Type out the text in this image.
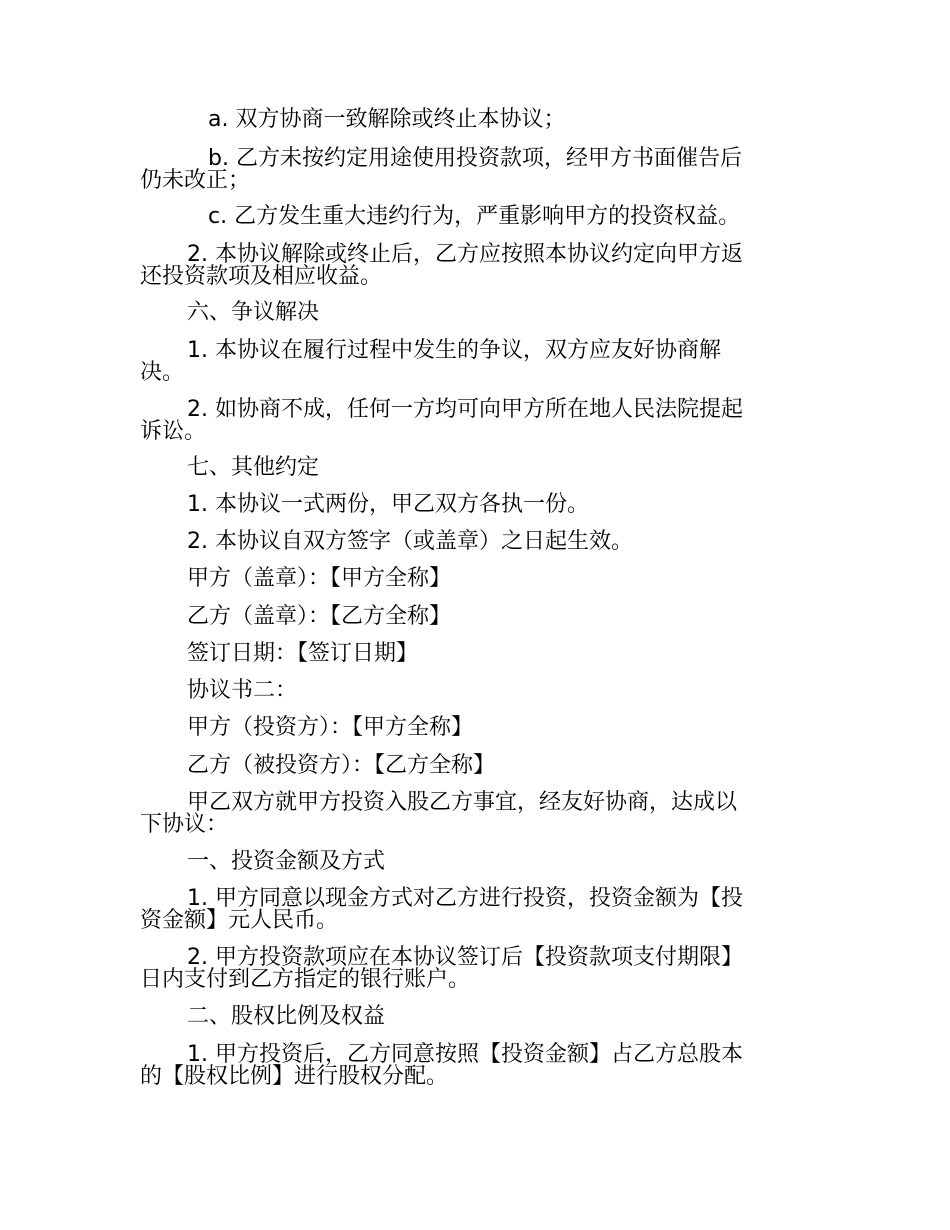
a. 双方协商一致解除或终止本协议；
b. 乙方未按约定用途使用投资款项，经甲方书面催告后
仍未改正；
c. 乙方发生重大违约行为，严重影响甲方的投资权益。
2. 本协议解除或终止后，乙方应按照本协议约定向甲方返
还投资款项及相应收益。
六、争议解决
1. 本协议在履行过程中发生的争议，双方应友好协商解
决。
2. 如协商不成，任何一方均可向甲方所在地人民法院提起
诉讼。
七、其他约定
1. 本协议一式两份，甲乙双方各执一份。
2. 本协议自双方签字（或盖章）之日起生效。
甲方（盖章）：【甲方全称】
乙方（盖章）：【乙方全称】
签订日期：【签订日期】
协议书二：
甲方（投资方）：【甲方全称】
乙方（被投资方）：【乙方全称】
甲乙双方就甲方投资入股乙方事宜，经友好协商，达成以
下协议：
一、投资金额及方式
1. 甲方同意以现金方式对乙方进行投资，投资金额为【投
资金额】元人民币。
2. 甲方投资款项应在本协议签订后【投资款项支付期限】
日内支付到乙方指定的银行账户。
二、股权比例及权益
1. 甲方投资后，乙方同意按照【投资金额】占乙方总股本
的【股权比例】进行股权分配。
